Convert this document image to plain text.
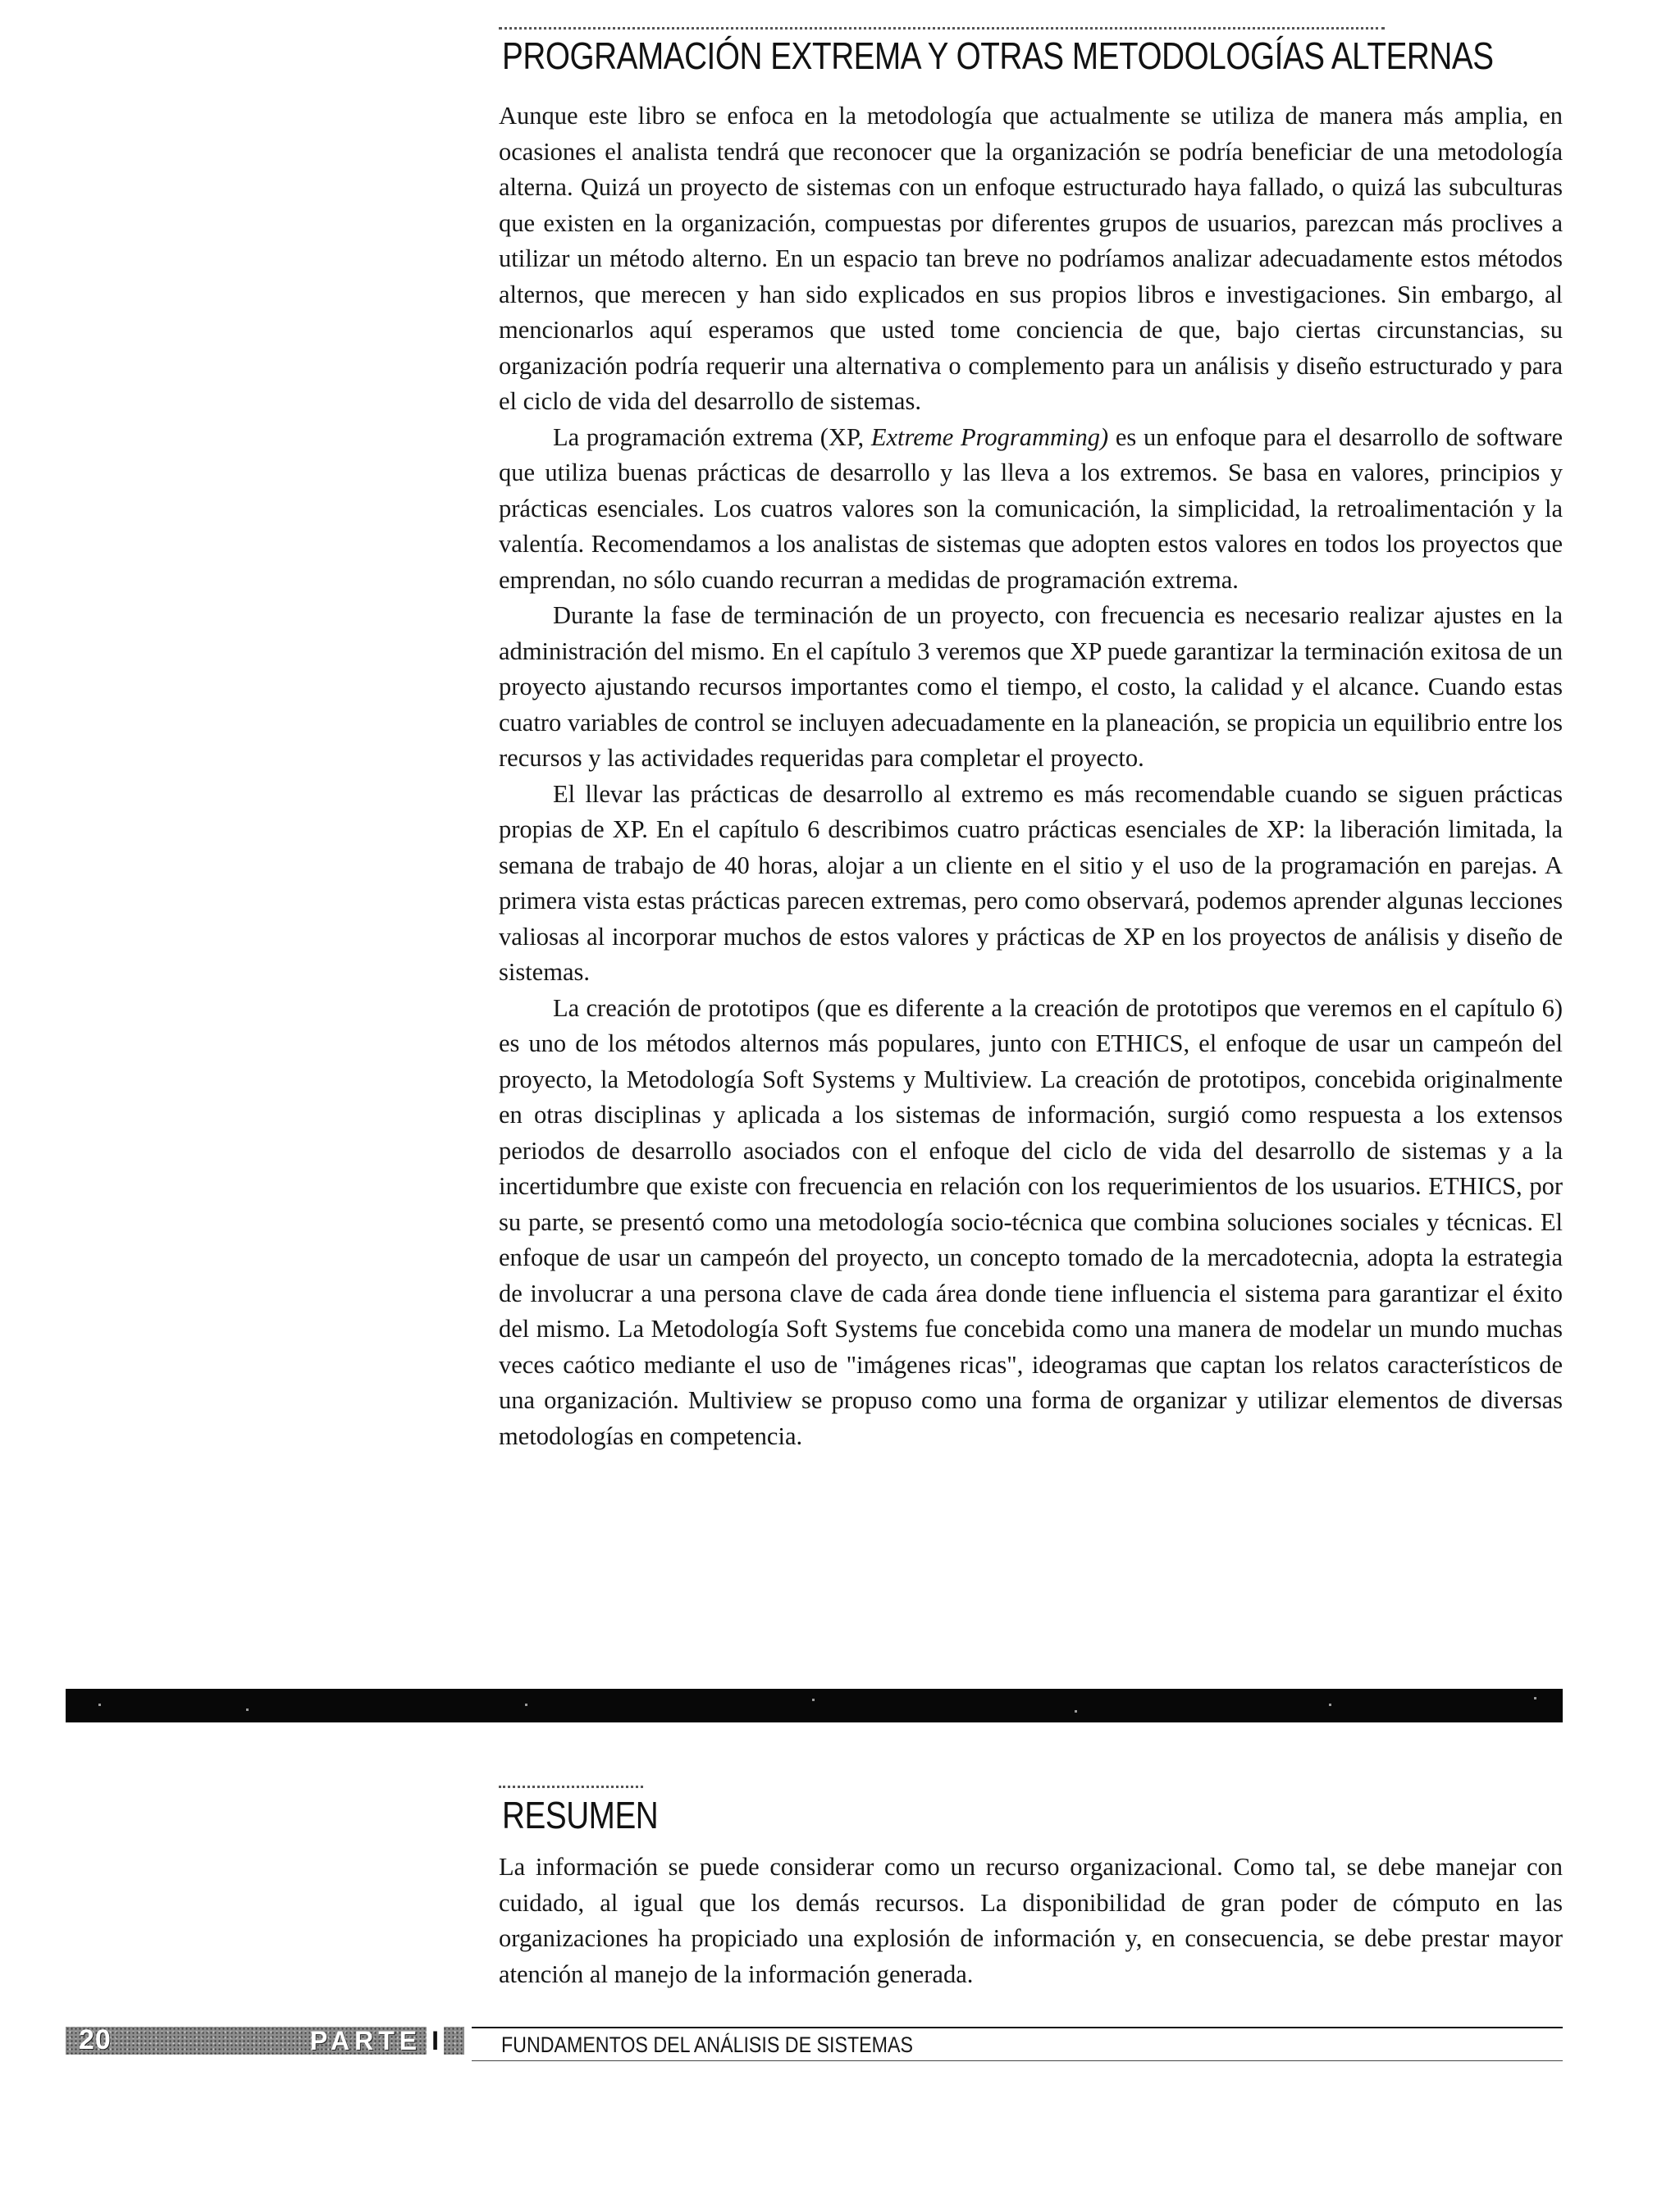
PROGRAMACIÓN EXTREMA Y OTRAS METODOLOGÍAS ALTERNAS

Aunque este libro se enfoca en la metodología que actualmente se utiliza de manera más amplia, en ocasiones el analista tendrá que reconocer que la organización se podría beneficiar de una metodología alterna. Quizá un proyecto de sistemas con un enfoque estructurado haya fallado, o quizá las subculturas que existen en la organización, compuestas por diferentes grupos de usuarios, parezcan más proclives a utilizar un método alterno. En un espacio tan breve no podríamos analizar adecuadamente estos métodos alternos, que merecen y han sido explicados en sus propios libros e investigaciones. Sin embargo, al mencionarlos aquí esperamos que usted tome conciencia de que, bajo ciertas circunstancias, su organización podría requerir una alternativa o complemento para un análisis y diseño estructurado y para el ciclo de vida del desarrollo de sistemas.

La programación extrema (XP, Extreme Programming) es un enfoque para el desarrollo de software que utiliza buenas prácticas de desarrollo y las lleva a los extremos. Se basa en valores, principios y prácticas esenciales. Los cuatros valores son la comunicación, la simplicidad, la retroalimentación y la valentía. Recomendamos a los analistas de sistemas que adopten estos valores en todos los proyectos que emprendan, no sólo cuando recurran a medidas de programación extrema.

Durante la fase de terminación de un proyecto, con frecuencia es necesario realizar ajustes en la administración del mismo. En el capítulo 3 veremos que XP puede garantizar la terminación exitosa de un proyecto ajustando recursos importantes como el tiempo, el costo, la calidad y el alcance. Cuando estas cuatro variables de control se incluyen adecuadamente en la planeación, se propicia un equilibrio entre los recursos y las actividades requeridas para completar el proyecto.

El llevar las prácticas de desarrollo al extremo es más recomendable cuando se siguen prácticas propias de XP. En el capítulo 6 describimos cuatro prácticas esenciales de XP: la liberación limitada, la semana de trabajo de 40 horas, alojar a un cliente en el sitio y el uso de la programación en parejas. A primera vista estas prácticas parecen extremas, pero como observará, podemos aprender algunas lecciones valiosas al incorporar muchos de estos valores y prácticas de XP en los proyectos de análisis y diseño de sistemas.

La creación de prototipos (que es diferente a la creación de prototipos que veremos en el capítulo 6) es uno de los métodos alternos más populares, junto con ETHICS, el enfoque de usar un campeón del proyecto, la Metodología Soft Systems y Multiview. La creación de prototipos, concebida originalmente en otras disciplinas y aplicada a los sistemas de información, surgió como respuesta a los extensos periodos de desarrollo asociados con el enfoque del ciclo de vida del desarrollo de sistemas y a la incertidumbre que existe con frecuencia en relación con los requerimientos de los usuarios. ETHICS, por su parte, se presentó como una metodología socio-técnica que combina soluciones sociales y técnicas. El enfoque de usar un campeón del proyecto, un concepto tomado de la mercadotecnia, adopta la estrategia de involucrar a una persona clave de cada área donde tiene influencia el sistema para garantizar el éxito del mismo. La Metodología Soft Systems fue concebida como una manera de modelar un mundo muchas veces caótico mediante el uso de "imágenes ricas", ideogramas que captan los relatos característicos de una organización. Multiview se propuso como una forma de organizar y utilizar elementos de diversas metodologías en competencia.

RESUMEN

La información se puede considerar como un recurso organizacional. Como tal, se debe manejar con cuidado, al igual que los demás recursos. La disponibilidad de gran poder de cómputo en las organizaciones ha propiciado una explosión de información y, en consecuencia, se debe prestar mayor atención al manejo de la información generada.

20	PARTE I	FUNDAMENTOS DEL ANÁLISIS DE SISTEMAS
